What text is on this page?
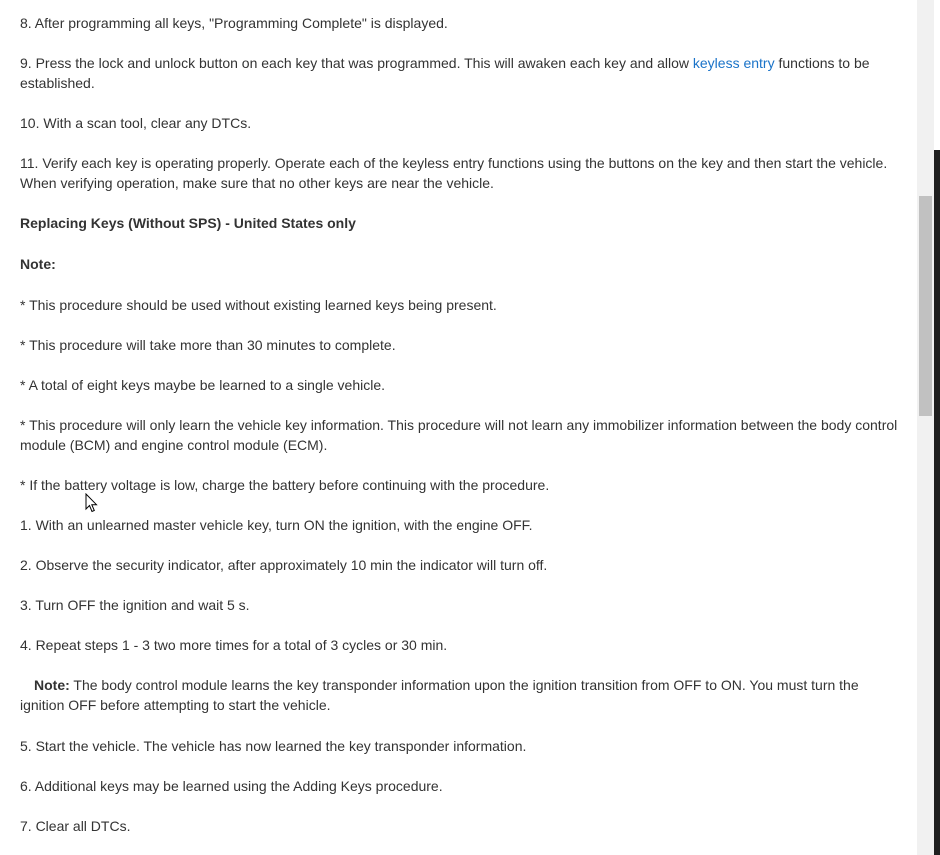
8. After programming all keys, "Programming Complete" is displayed.
9. Press the lock and unlock button on each key that was programmed. This will awaken each key and allow keyless entry functions to be established.
10. With a scan tool, clear any DTCs.
11. Verify each key is operating properly. Operate each of the keyless entry functions using the buttons on the key and then start the vehicle. When verifying operation, make sure that no other keys are near the vehicle.
Replacing Keys (Without SPS) - United States only
Note:
* This procedure should be used without existing learned keys being present.
* This procedure will take more than 30 minutes to complete.
* A total of eight keys maybe be learned to a single vehicle.
* This procedure will only learn the vehicle key information. This procedure will not learn any immobilizer information between the body control module (BCM) and engine control module (ECM).
* If the battery voltage is low, charge the battery before continuing with the procedure.
1. With an unlearned master vehicle key, turn ON the ignition, with the engine OFF.
2. Observe the security indicator, after approximately 10 min the indicator will turn off.
3. Turn OFF the ignition and wait 5 s.
4. Repeat steps 1 - 3 two more times for a total of 3 cycles or 30 min.
Note: The body control module learns the key transponder information upon the ignition transition from OFF to ON. You must turn the ignition OFF before attempting to start the vehicle.
5. Start the vehicle. The vehicle has now learned the key transponder information.
6. Additional keys may be learned using the Adding Keys procedure.
7. Clear all DTCs.
